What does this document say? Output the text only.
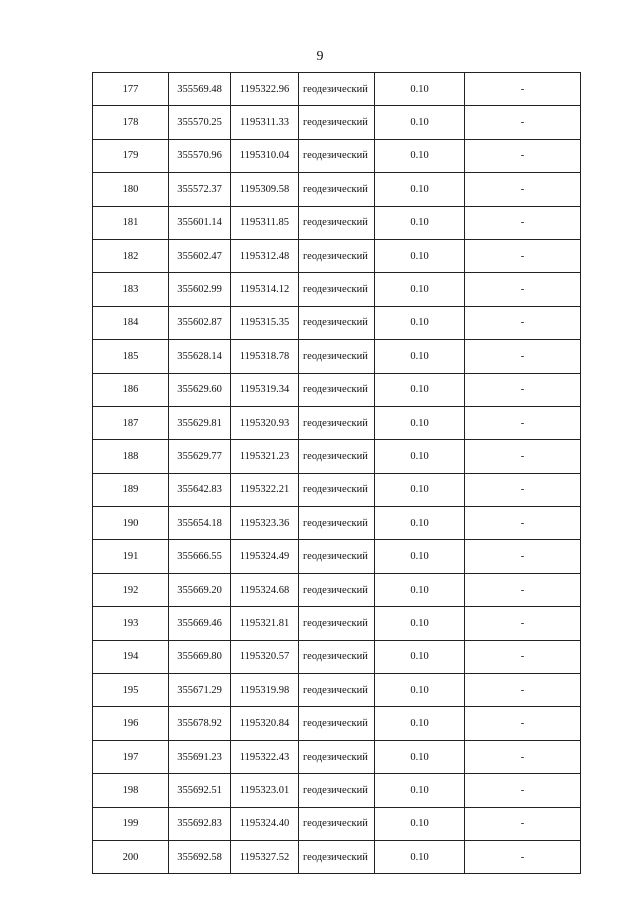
9
177	355569.48	1195322.96	геодезический	0.10	-
178	355570.25	1195311.33	геодезический	0.10	-
179	355570.96	1195310.04	геодезический	0.10	-
180	355572.37	1195309.58	геодезический	0.10	-
181	355601.14	1195311.85	геодезический	0.10	-
182	355602.47	1195312.48	геодезический	0.10	-
183	355602.99	1195314.12	геодезический	0.10	-
184	355602.87	1195315.35	геодезический	0.10	-
185	355628.14	1195318.78	геодезический	0.10	-
186	355629.60	1195319.34	геодезический	0.10	-
187	355629.81	1195320.93	геодезический	0.10	-
188	355629.77	1195321.23	геодезический	0.10	-
189	355642.83	1195322.21	геодезический	0.10	-
190	355654.18	1195323.36	геодезический	0.10	-
191	355666.55	1195324.49	геодезический	0.10	-
192	355669.20	1195324.68	геодезический	0.10	-
193	355669.46	1195321.81	геодезический	0.10	-
194	355669.80	1195320.57	геодезический	0.10	-
195	355671.29	1195319.98	геодезический	0.10	-
196	355678.92	1195320.84	геодезический	0.10	-
197	355691.23	1195322.43	геодезический	0.10	-
198	355692.51	1195323.01	геодезический	0.10	-
199	355692.83	1195324.40	геодезический	0.10	-
200	355692.58	1195327.52	геодезический	0.10	-
